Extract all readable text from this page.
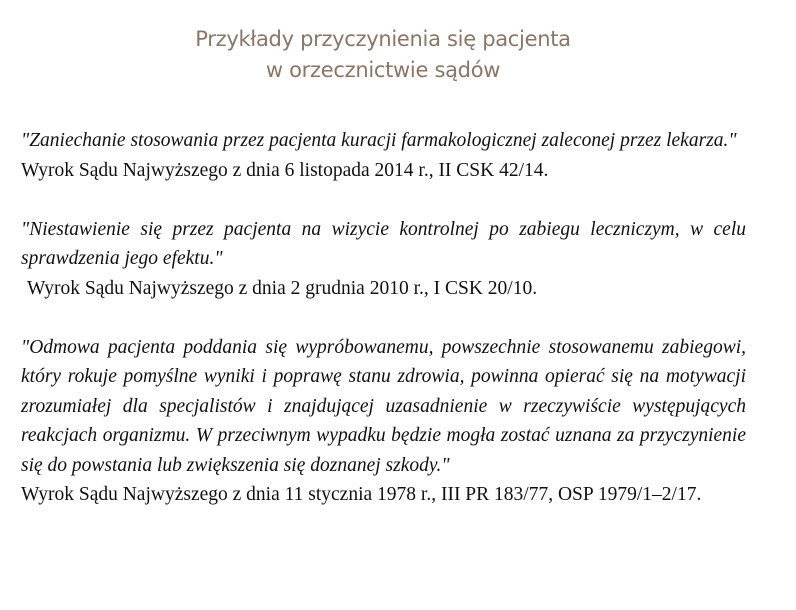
Przykłady przyczynienia się pacjenta
w orzecznictwie sądów

"Zaniechanie stosowania przez pacjenta kuracji farmakologicznej zaleconej przez lekarza."

Wyrok Sądu Najwyższego z dnia 6 listopada 2014 r., II CSK 42/14.

"Niestawienie się przez pacjenta na wizycie kontrolnej po zabiegu leczniczym, w celu sprawdzenia jego efektu."

Wyrok Sądu Najwyższego z dnia 2 grudnia 2010 r., I CSK 20/10.

"Odmowa pacjenta poddania się wypróbowanemu, powszechnie stosowanemu zabiegowi, który rokuje pomyślne wyniki i poprawę stanu zdrowia, powinna opierać się na motywacji zrozumiałej dla specjalistów i znajdującej uzasadnienie w rzeczywiście występujących reakcjach organizmu. W przeciwnym wypadku będzie mogła zostać uznana za przyczynienie się do powstania lub zwiększenia się doznanej szkody."

Wyrok Sądu Najwyższego z dnia 11 stycznia 1978 r., III PR 183/77, OSP 1979/1–2/17.
